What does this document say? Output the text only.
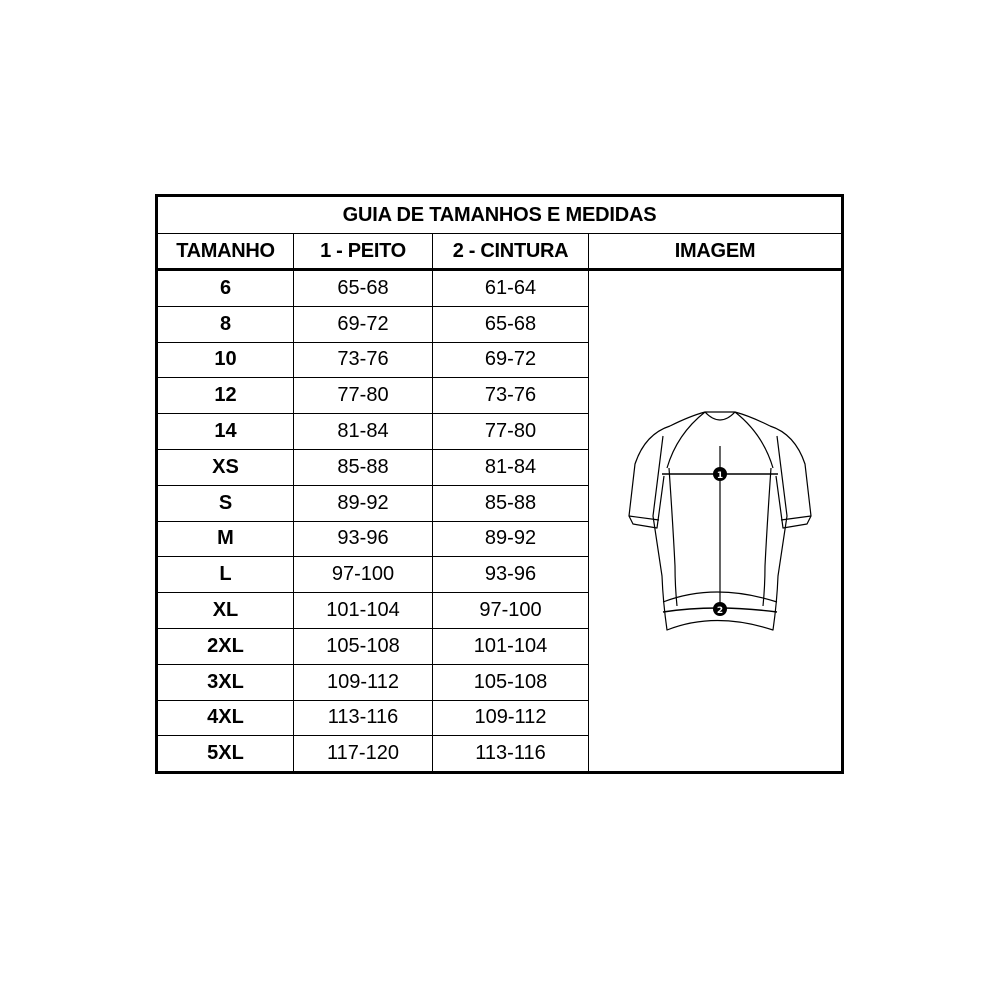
GUIA DE TAMANHOS E MEDIDAS			
TAMANHO	1 - PEITO	2 - CINTURA	IMAGEM
6	65-68	61-64	1
2

8	69-72	65-68	
10	73-76	69-72	
12	77-80	73-76	
14	81-84	77-80	
XS	85-88	81-84	
S	89-92	85-88	
M	93-96	89-92	
L	97-100	93-96	
XL	101-104	97-100	
2XL	105-108	101-104	
3XL	109-112	105-108	
4XL	113-116	109-112	
5XL	117-120	113-116	
